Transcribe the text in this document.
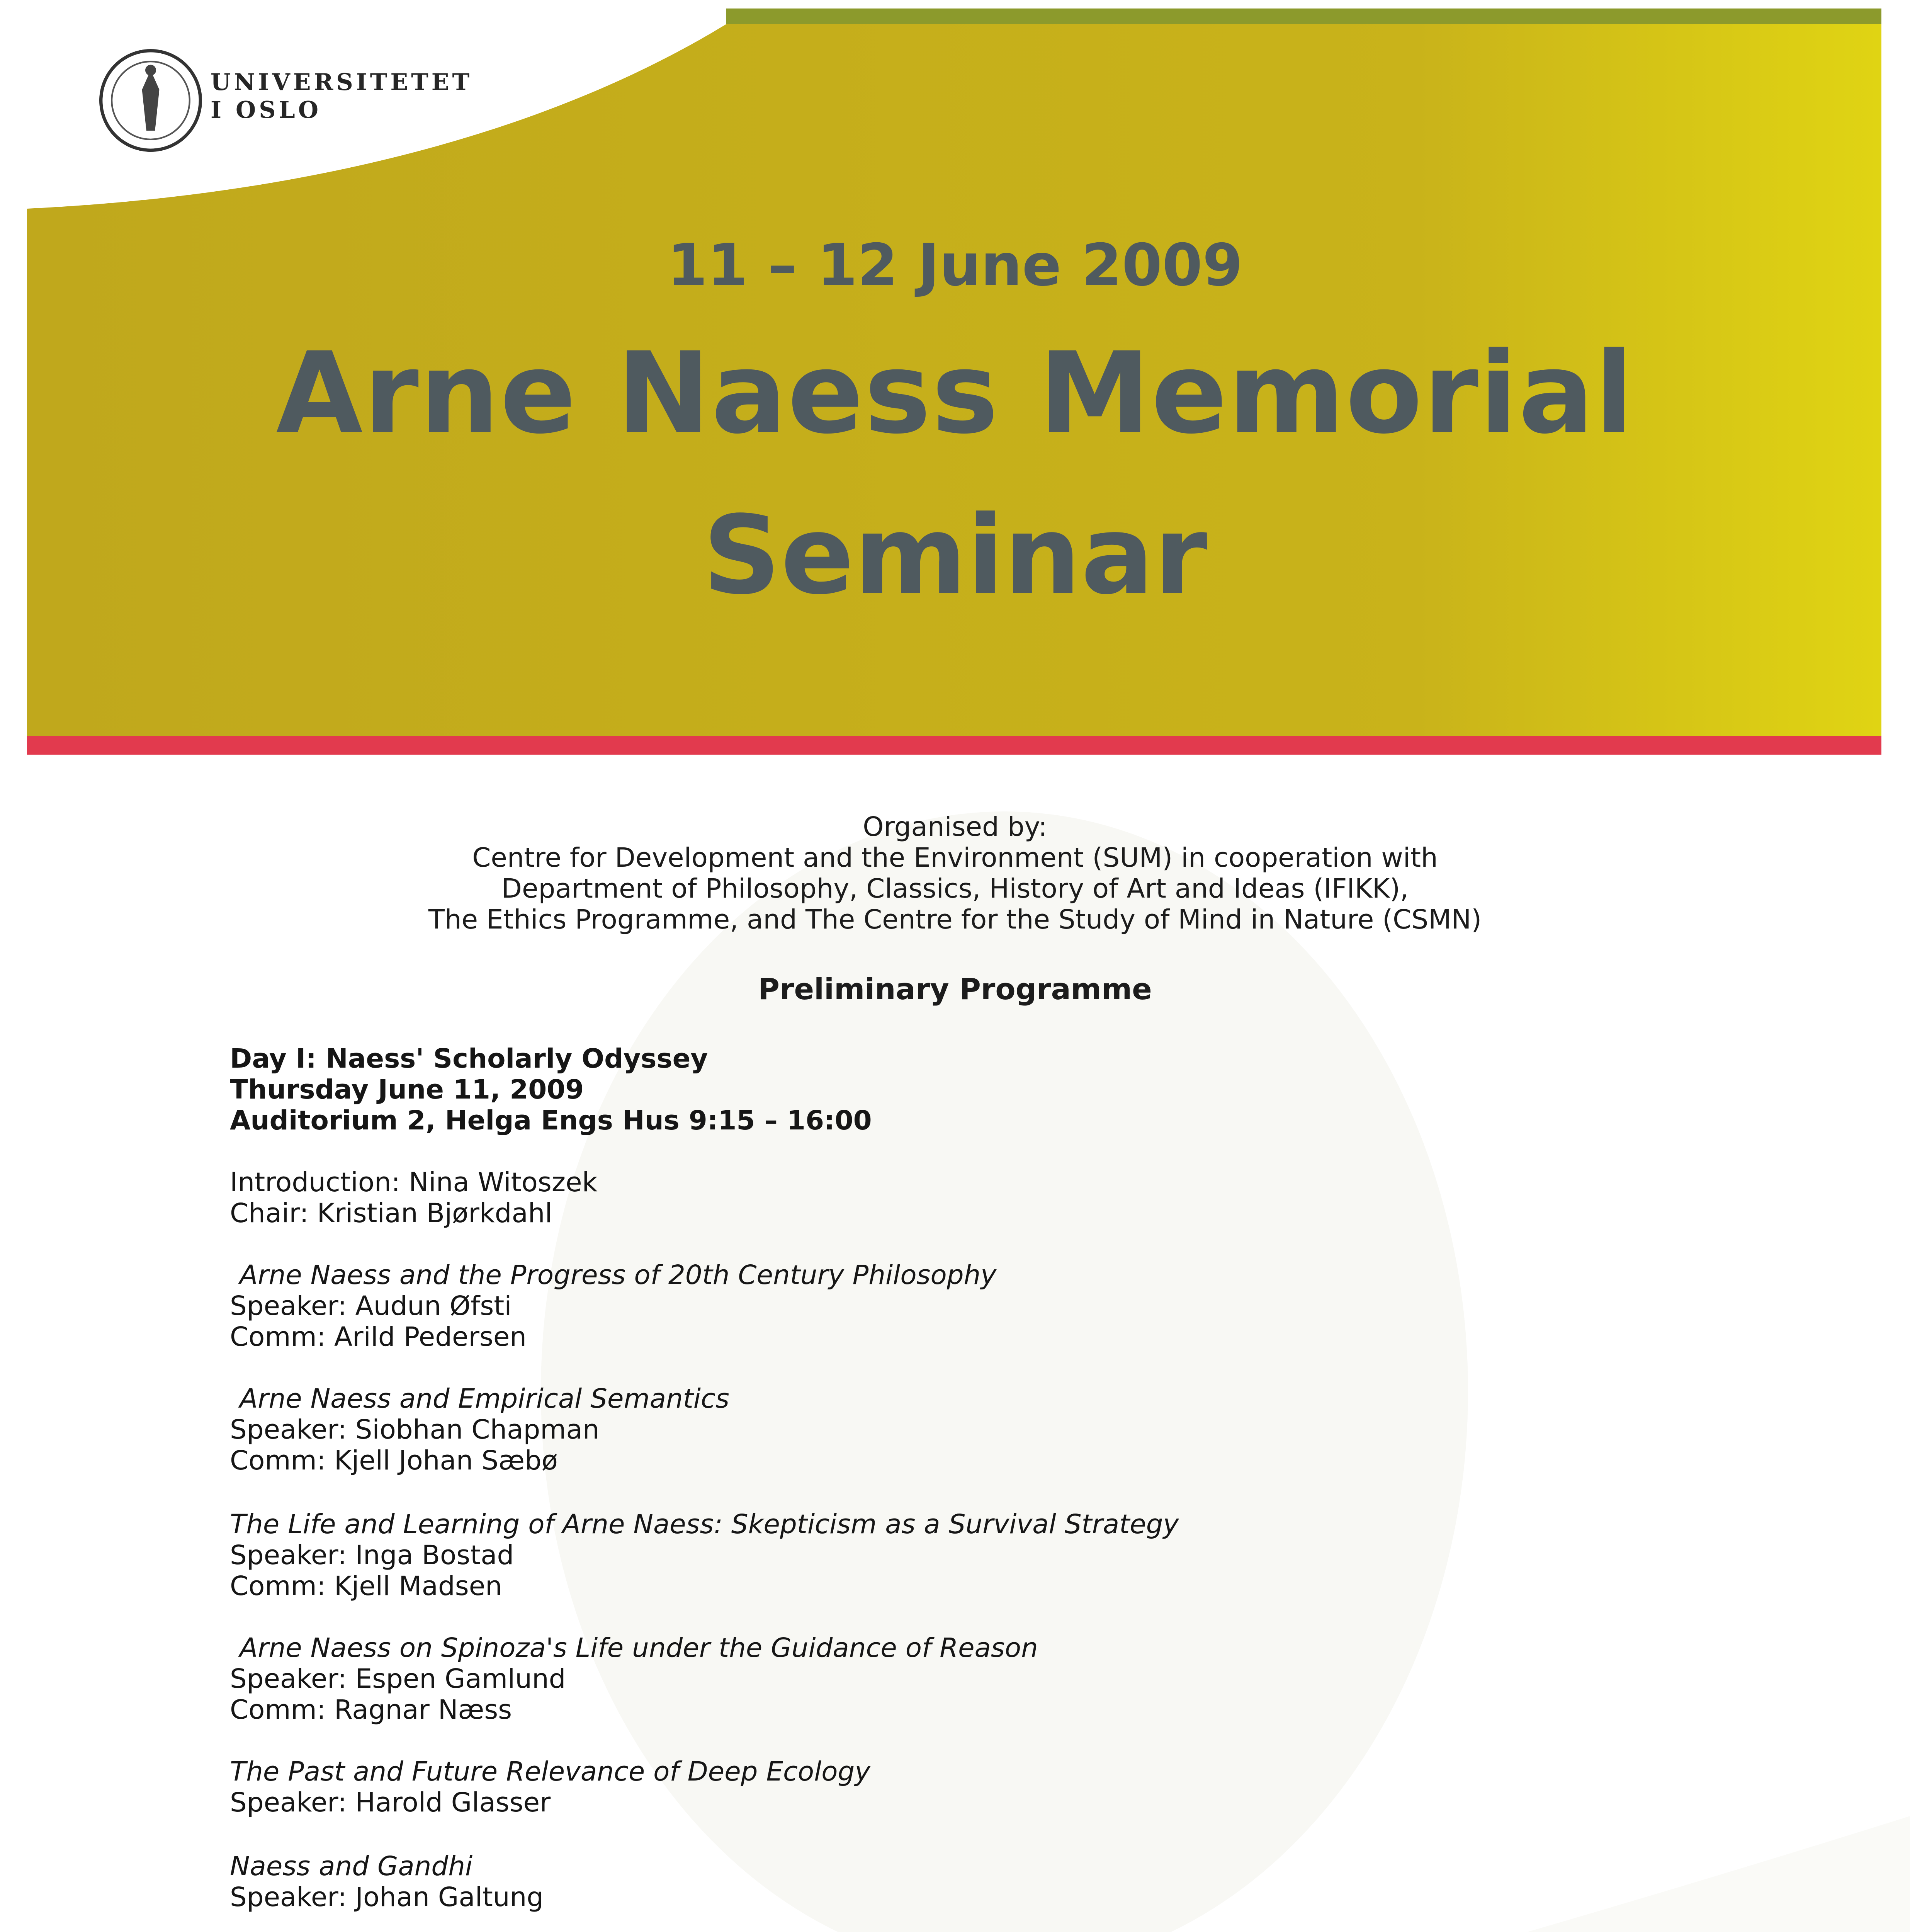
UNIVERSITETET
I OSLO
11 – 12 June 2009
Arne Naess Memorial
Seminar
Organised by:
Centre for Development and the Environment (SUM) in cooperation with
Department of Philosophy, Classics, History of Art and Ideas (IFIKK),
The Ethics Programme, and The Centre for the Study of Mind in Nature (CSMN)
Preliminary Programme
Day I: Naess' Scholarly Odyssey
Thursday June 11, 2009
Auditorium 2, Helga Engs Hus 9:15 – 16:00
Introduction: Nina Witoszek
Chair: Kristian Bjørkdahl
Arne Naess and the Progress of 20th Century Philosophy
Speaker: Audun Øfsti
Comm: Arild Pedersen
Arne Naess and Empirical Semantics
Speaker: Siobhan Chapman
Comm: Kjell Johan Sæbø
The Life and Learning of Arne Naess: Skepticism as a Survival Strategy
Speaker: Inga Bostad
Comm: Kjell Madsen
Arne Naess on Spinoza's Life under the Guidance of Reason
Speaker: Espen Gamlund
Comm: Ragnar Næss
The Past and Future Relevance of Deep Ecology
Speaker: Harold Glasser
Naess and Gandhi
Speaker: Johan Galtung
